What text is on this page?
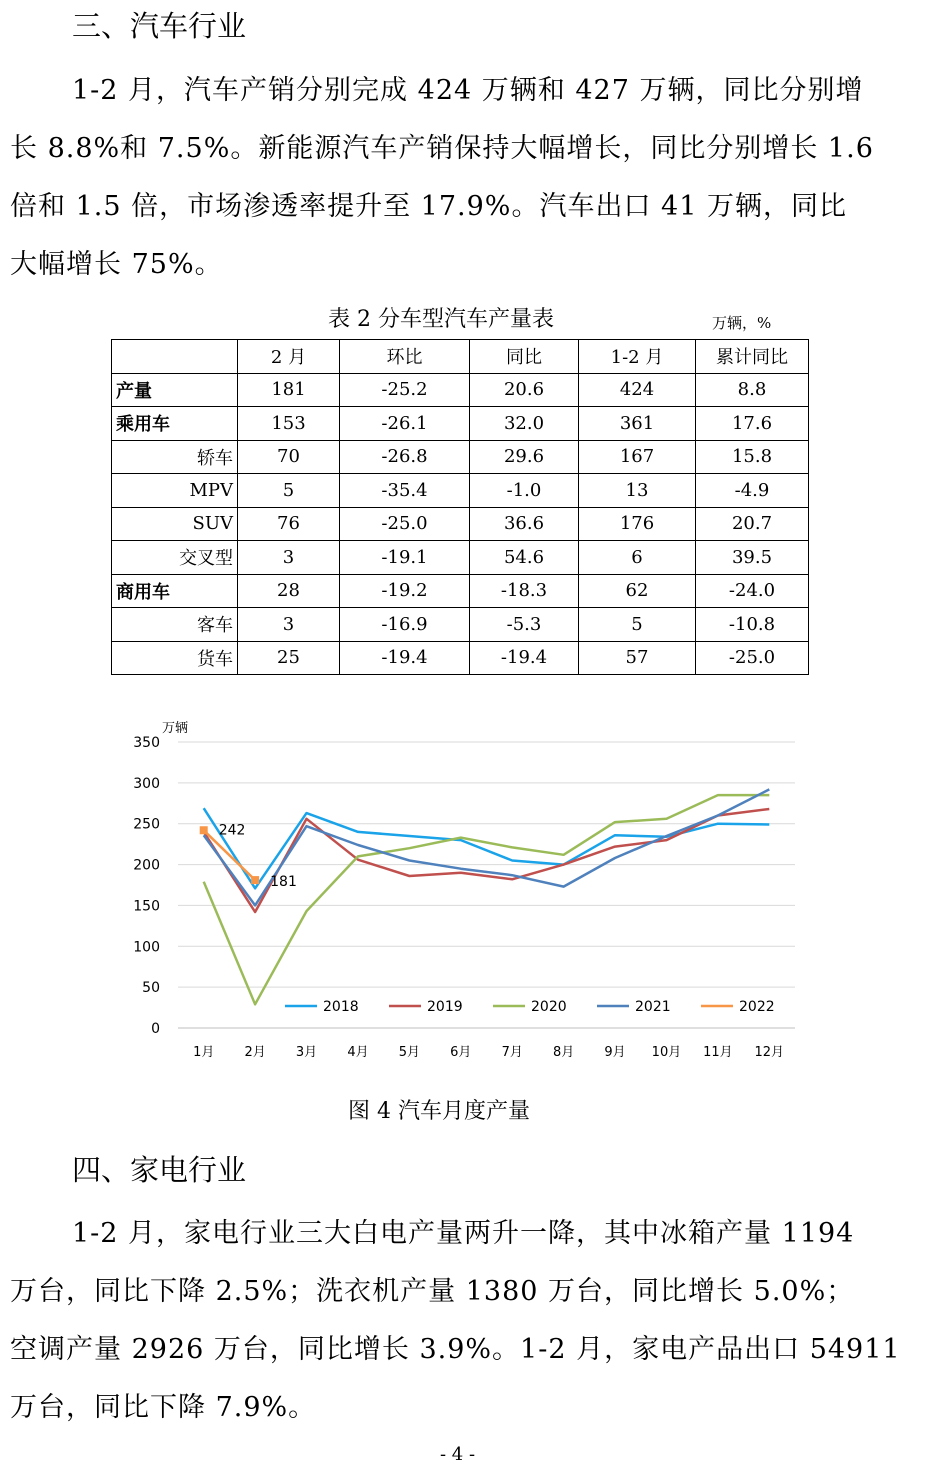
三、汽车行业
1-2 月，汽车产销分别完成 424 万辆和 427 万辆，同比分别增
长 8.8%和 7.5%。新能源汽车产销保持大幅增长，同比分别增长 1.6
倍和 1.5 倍，市场渗透率提升至 17.9%。汽车出口 41 万辆，同比
大幅增长 75%。
表 2 分车型汽车产量表	万辆，%
	2 月	环比	同比	1-2 月	累计同比
产量	181	-25.2	20.6	424	8.8
乘用车	153	-26.1	32.0	361	17.6
轿车	70	-26.8	29.6	167	15.8
MPV	5	-35.4	-1.0	13	-4.9
SUV	76	-25.0	36.6	176	20.7
交叉型	3	-19.1	54.6	6	39.5
商用车	28	-19.2	-18.3	62	-24.0
客车	3	-16.9	-5.3	5	-10.8
货车	25	-19.4	-19.4	57	-25.0
万辆
0
50
100
150
200
250
300
350
1月 2月 3月 4月 5月 6月 7月 8月 9月 10月 11月 12月
242
181
2018	2019	2020	2021	2022
图 4 汽车月度产量
四、家电行业
1-2 月，家电行业三大白电产量两升一降，其中冰箱产量 1194
万台，同比下降 2.5%；洗衣机产量 1380 万台，同比增长 5.0%；
空调产量 2926 万台，同比增长 3.9%。1-2 月，家电产品出口 54911
万台，同比下降 7.9%。
- 4 -
